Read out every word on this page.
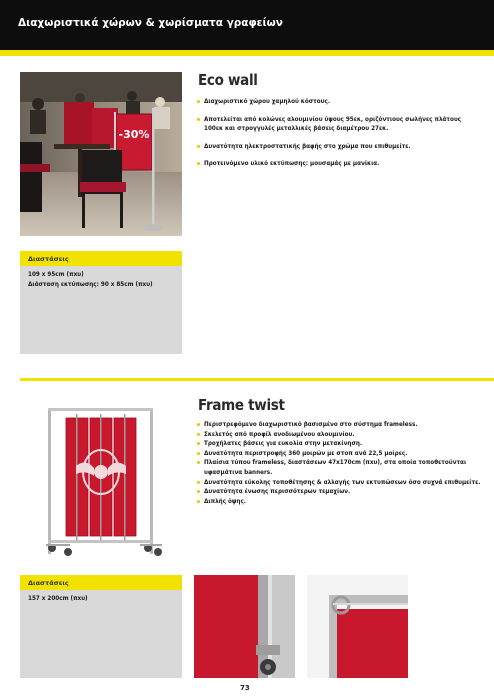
Διαχωριστικά χώρων & χωρίσματα γραφείων
-30%
Eco wall
Διαχωριστικό χώρου χαμηλού κόστους.
Αποτελείται από κολώνες αλουμινίου ύψους 95εκ, οριζόντιους σωλήνες πλάτους 100εκ και στρογγυλές μεταλλικές βάσεις διαμέτρου 27εκ.
Δυνατότητα ηλεκτροστατικής βαφής στο χρώμα που επιθυμείτε.
Προτεινόμενο υλικό εκτύπωσης: μουσαμάς με μανίκια.
Διαστάσεις
109 x 95cm (πxυ)
Διάσταση εκτύπωσης: 90 x 85cm (πxυ)
Frame twist
Περιστρεφόμενο διαχωριστικό βασισμένο στο σύστημα frameless.
Σκελετός από προφίλ ανοδιωμένου αλουμινίου.
Τροχήλατες βάσεις για ευκολία στην μετακίνηση.
Δυνατότητα περιστροφής 360 μοιρών με στοπ ανά 22,5 μοίρες.
Πλαίσια τύπου frameless, διαστάσεων 47x170cm (πxυ), στα οποία τοποθετούνται υφασμάτινα banners.
Δυνατότητα εύκολης τοποθέτησης & αλλαγής των εκτυπώσεων όσο συχνά επιθυμείτε.
Δυνατότητα ένωσης περισσότερων τεμαχίων.
Διπλής όψης.
Διαστάσεις
157 x 200cm (πxυ)
73
